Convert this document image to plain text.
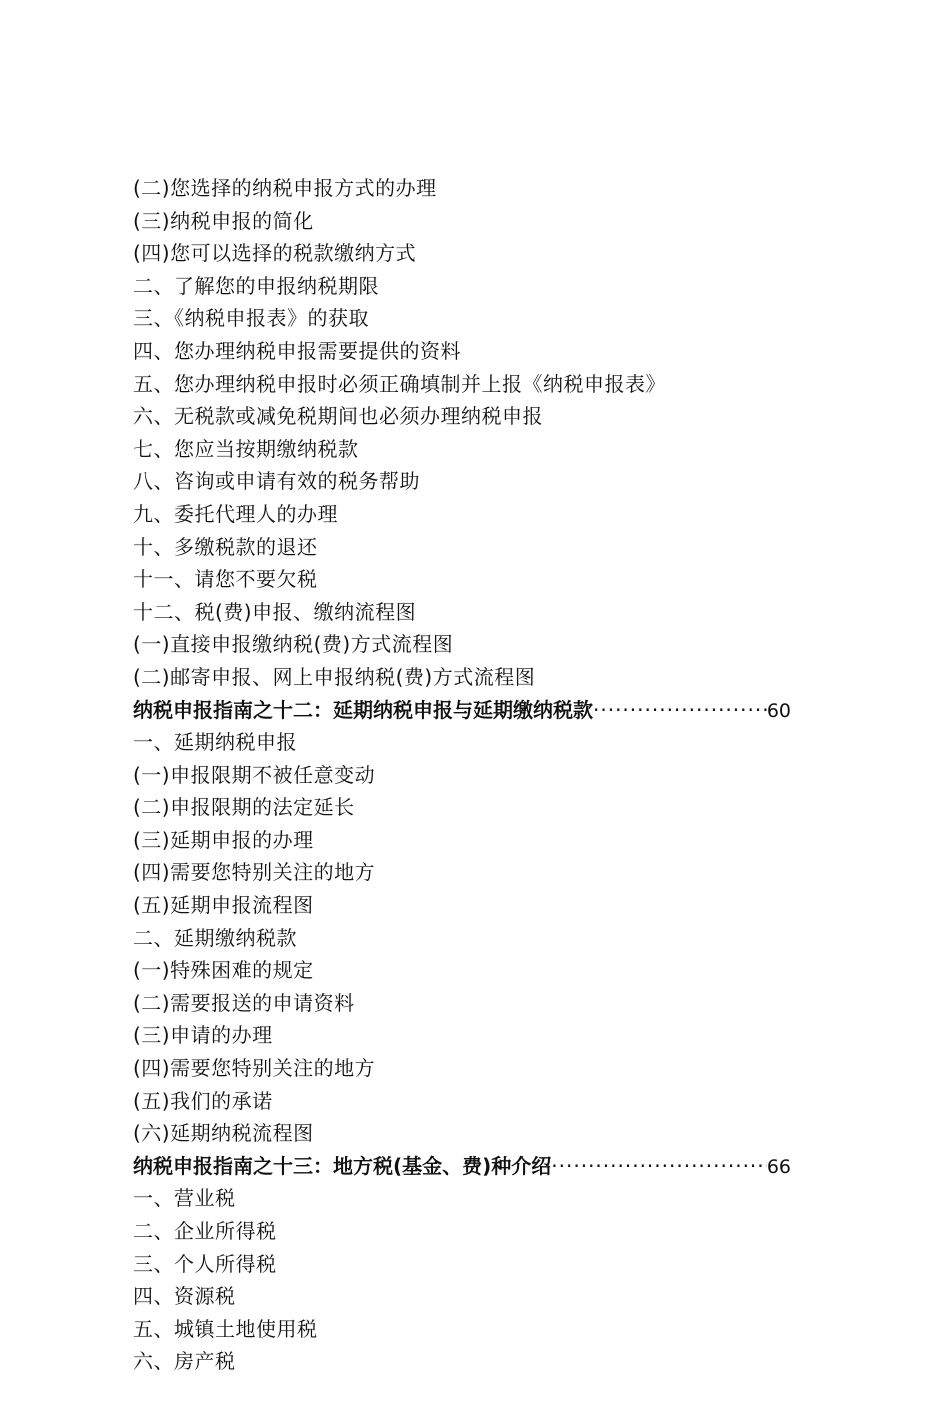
(二)您选择的纳税申报方式的办理
(三)纳税申报的简化
(四)您可以选择的税款缴纳方式
二、了解您的申报纳税期限
三、《纳税申报表》的获取
四、您办理纳税申报需要提供的资料
五、您办理纳税申报时必须正确填制并上报《纳税申报表》
六、无税款或减免税期间也必须办理纳税申报
七、您应当按期缴纳税款
八、咨询或申请有效的税务帮助
九、委托代理人的办理
十、多缴税款的退还
十一、请您不要欠税
十二、税(费)申报、缴纳流程图
(一)直接申报缴纳税(费)方式流程图
(二)邮寄申报、网上申报纳税(费)方式流程图
纳税申报指南之十二：延期纳税申报与延期缴纳税款 ·····	60
一、延期纳税申报
(一)申报限期不被任意变动
(二)申报限期的法定延长
(三)延期申报的办理
(四)需要您特别关注的地方
(五)延期申报流程图
二、延期缴纳税款
(一)特殊困难的规定
(二)需要报送的申请资料
(三)申请的办理
(四)需要您特别关注的地方
(五)我们的承诺
(六)延期纳税流程图
纳税申报指南之十三：地方税(基金、费)种介绍 ·····	66
一、营业税
二、企业所得税
三、个人所得税
四、资源税
五、城镇土地使用税
六、房产税
